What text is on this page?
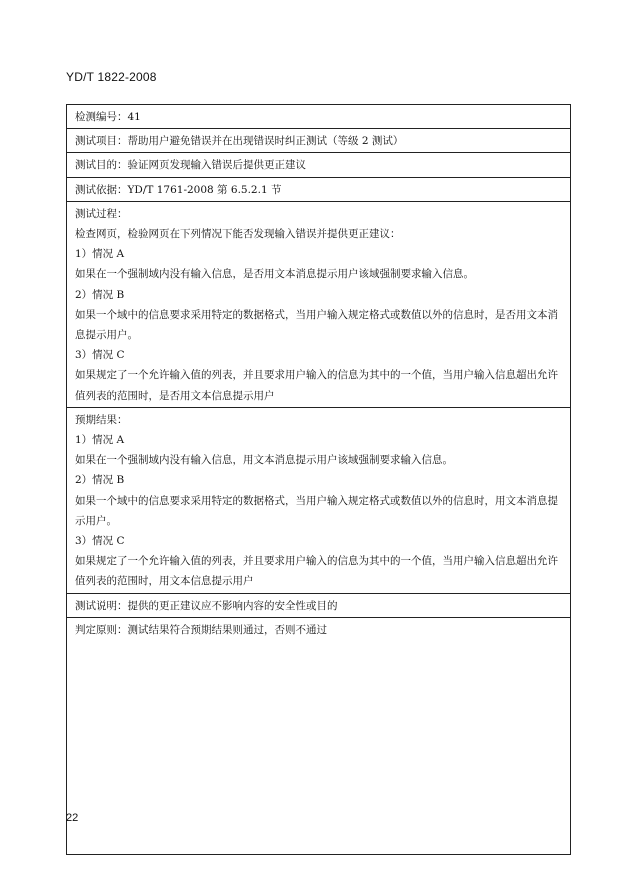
YD/T 1822-2008
检测编号：41
测试项目：帮助用户避免错误并在出现错误时纠正测试（等级 2 测试）
测试目的：验证网页发现输入错误后提供更正建议
测试依据：YD/T 1761-2008 第 6.5.2.1 节

测试过程：
检查网页，检验网页在下列情况下能否发现输入错误并提供更正建议：
1）情况 A
如果在一个强制域内没有输入信息，是否用文本消息提示用户该域强制要求输入信息。
2）情况 B
如果一个域中的信息要求采用特定的数据格式，当用户输入规定格式或数值以外的信息时，是否用文本消息提示用户。
3）情况 C
如果规定了一个允许输入值的列表，并且要求用户输入的信息为其中的一个值，当用户输入信息超出允许值列表的范围时，是否用文本信息提示用户

预期结果：
1）情况 A
如果在一个强制域内没有输入信息，用文本消息提示用户该域强制要求输入信息。
2）情况 B
如果一个域中的信息要求采用特定的数据格式，当用户输入规定格式或数值以外的信息时，用文本消息提示用户。
3）情况 C
如果规定了一个允许输入值的列表，并且要求用户输入的信息为其中的一个值，当用户输入信息超出允许值列表的范围时，用文本信息提示用户

测试说明：提供的更正建议应不影响内容的安全性或目的
判定原则：测试结果符合预期结果则通过，否则不通过
22
